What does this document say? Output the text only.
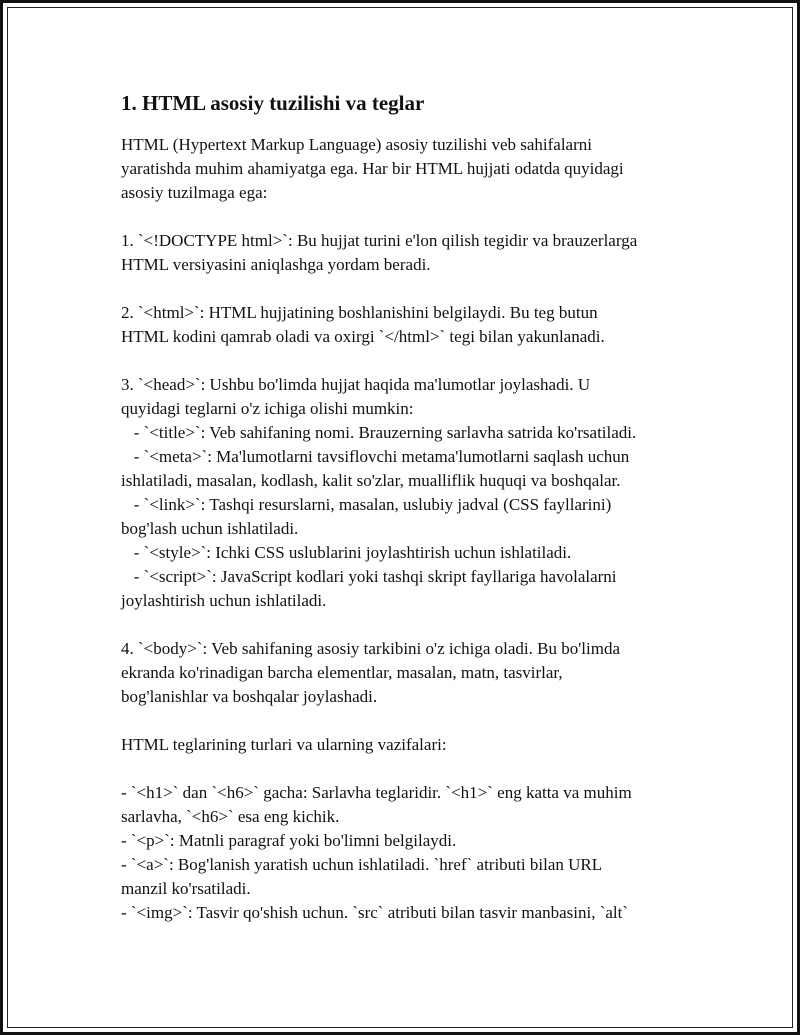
1. HTML asosiy tuzilishi va teglar
HTML (Hypertext Markup Language) asosiy tuzilishi veb sahifalarni
yaratishda muhim ahamiyatga ega. Har bir HTML hujjati odatda quyidagi
asosiy tuzilmaga ega:
1. `<!DOCTYPE html>`: Bu hujjat turini e'lon qilish tegidir va brauzerlarga
HTML versiyasini aniqlashga yordam beradi.
2. `<html>`: HTML hujjatining boshlanishini belgilaydi. Bu teg butun
HTML kodini qamrab oladi va oxirgi `</html>` tegi bilan yakunlanadi.
3. `<head>`: Ushbu bo'limda hujjat haqida ma'lumotlar joylashadi. U
quyidagi teglarni o'z ichiga olishi mumkin:
- `<title>`: Veb sahifaning nomi. Brauzerning sarlavha satrida ko'rsatiladi.
- `<meta>`: Ma'lumotlarni tavsiflovchi metama'lumotlarni saqlash uchun
ishlatiladi, masalan, kodlash, kalit so'zlar, mualliflik huquqi va boshqalar.
- `<link>`: Tashqi resurslarni, masalan, uslubiy jadval (CSS fayllarini)
bog'lash uchun ishlatiladi.
- `<style>`: Ichki CSS uslublarini joylashtirish uchun ishlatiladi.
- `<script>`: JavaScript kodlari yoki tashqi skript fayllariga havolalarni
joylashtirish uchun ishlatiladi.
4. `<body>`: Veb sahifaning asosiy tarkibini o'z ichiga oladi. Bu bo'limda
ekranda ko'rinadigan barcha elementlar, masalan, matn, tasvirlar,
bog'lanishlar va boshqalar joylashadi.
HTML teglarining turlari va ularning vazifalari:
- `<h1>` dan `<h6>` gacha: Sarlavha teglaridir. `<h1>` eng katta va muhim
sarlavha, `<h6>` esa eng kichik.
- `<p>`: Matnli paragraf yoki bo'limni belgilaydi.
- `<a>`: Bog'lanish yaratish uchun ishlatiladi. `href` atributi bilan URL
manzil ko'rsatiladi.
- `<img>`: Tasvir qo'shish uchun. `src` atributi bilan tasvir manbasini, `alt`
